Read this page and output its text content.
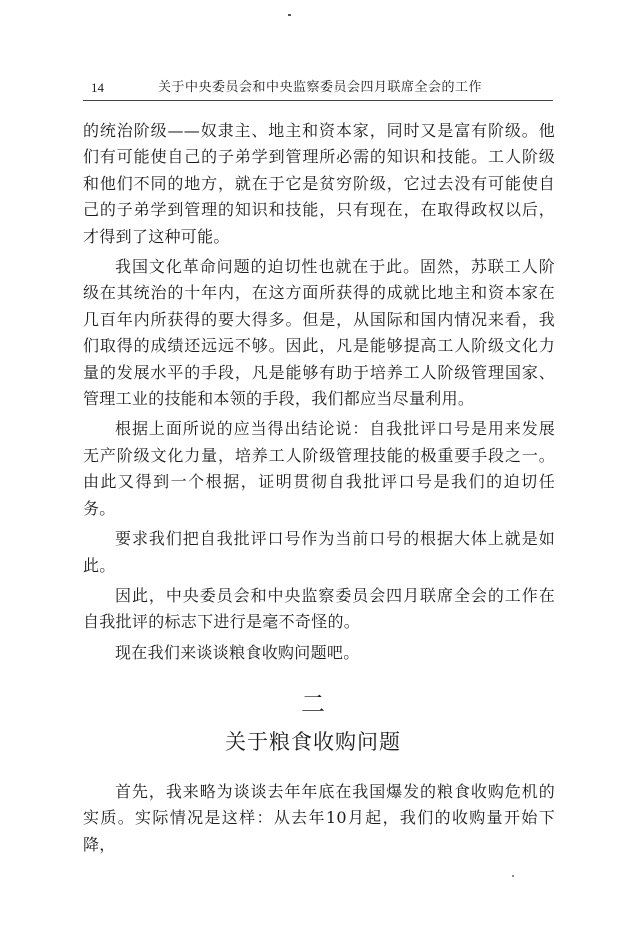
14	关于中央委员会和中央监察委员会四月联席全会的工作

的统治阶级——奴隶主、地主和资本家，同时又是富有阶级。他们有可能使自己的子弟学到管理所必需的知识和技能。工人阶级和他们不同的地方，就在于它是贫穷阶级，它过去没有可能使自己的子弟学到管理的知识和技能，只有现在，在取得政权以后，才得到了这种可能。

我国文化革命问题的迫切性也就在于此。固然，苏联工人阶级在其统治的十年内，在这方面所获得的成就比地主和资本家在几百年内所获得的要大得多。但是，从国际和国内情况来看，我们取得的成绩还远远不够。因此，凡是能够提高工人阶级文化力量的发展水平的手段，凡是能够有助于培养工人阶级管理国家、管理工业的技能和本领的手段，我们都应当尽量利用。

根据上面所说的应当得出结论说：自我批评口号是用来发展无产阶级文化力量，培养工人阶级管理技能的极重要手段之一。由此又得到一个根据，证明贯彻自我批评口号是我们的迫切任务。

要求我们把自我批评口号作为当前口号的根据大体上就是如此。

因此，中央委员会和中央监察委员会四月联席全会的工作在自我批评的标志下进行是毫不奇怪的。

现在我们来谈谈粮食收购问题吧。

二
关于粮食收购问题

首先，我来略为谈谈去年年底在我国爆发的粮食收购危机的实质。实际情况是这样：从去年10月起，我们的收购量开始下降，
